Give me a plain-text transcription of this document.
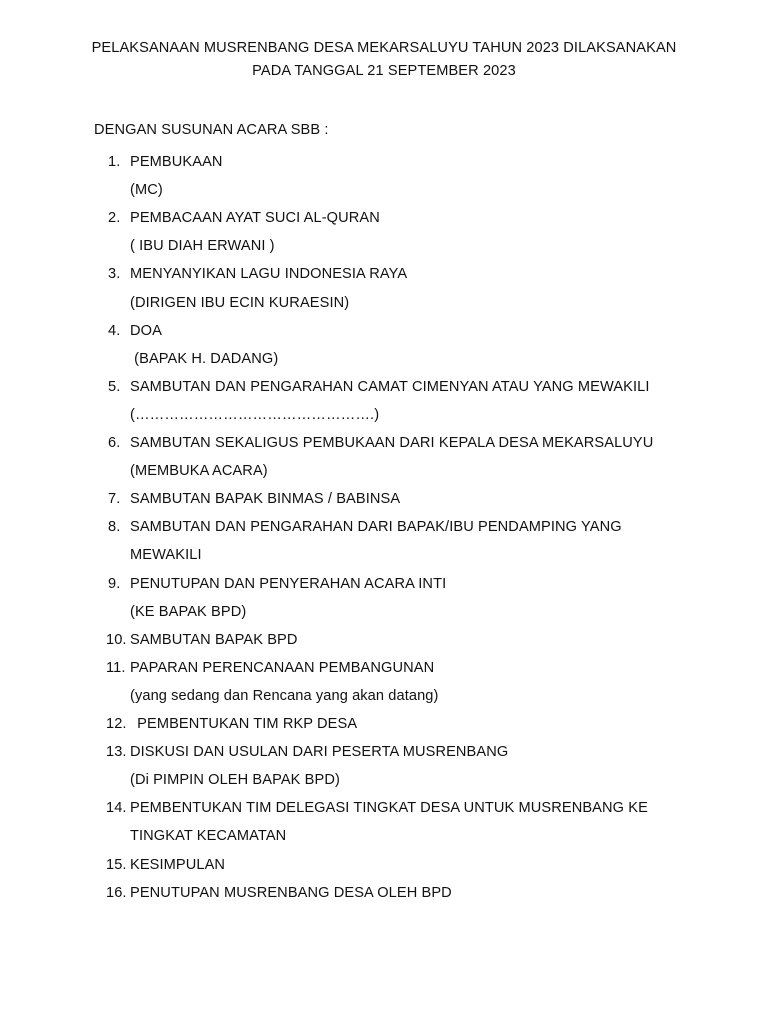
PELAKSANAAN MUSRENBANG DESA MEKARSALUYU TAHUN 2023 DILAKSANAKAN
PADA TANGGAL 21 SEPTEMBER 2023
DENGAN SUSUNAN ACARA SBB :
1. PEMBUKAAN
(MC)
2. PEMBACAAN AYAT SUCI AL-QURAN
( IBU DIAH ERWANI )
3. MENYANYIKAN LAGU INDONESIA RAYA
(DIRIGEN IBU ECIN KURAESIN)
4. DOA
(BAPAK H. DADANG)
5. SAMBUTAN DAN PENGARAHAN CAMAT CIMENYAN ATAU YANG MEWAKILI
(………………………………………….)
6. SAMBUTAN SEKALIGUS PEMBUKAAN DARI KEPALA DESA MEKARSALUYU
(MEMBUKA ACARA)
7. SAMBUTAN BAPAK BINMAS / BABINSA
8. SAMBUTAN DAN PENGARAHAN DARI BAPAK/IBU PENDAMPING YANG
MEWAKILI
9. PENUTUPAN DAN PENYERAHAN ACARA INTI
(KE BAPAK BPD)
10. SAMBUTAN BAPAK BPD
11. PAPARAN PERENCANAAN PEMBANGUNAN
(yang sedang dan Rencana yang akan datang)
12. PEMBENTUKAN TIM RKP DESA
13. DISKUSI DAN USULAN DARI PESERTA MUSRENBANG
(Di PIMPIN OLEH BAPAK BPD)
14. PEMBENTUKAN TIM DELEGASI TINGKAT DESA UNTUK MUSRENBANG KE
TINGKAT KECAMATAN
15. KESIMPULAN
16. PENUTUPAN MUSRENBANG DESA OLEH BPD
